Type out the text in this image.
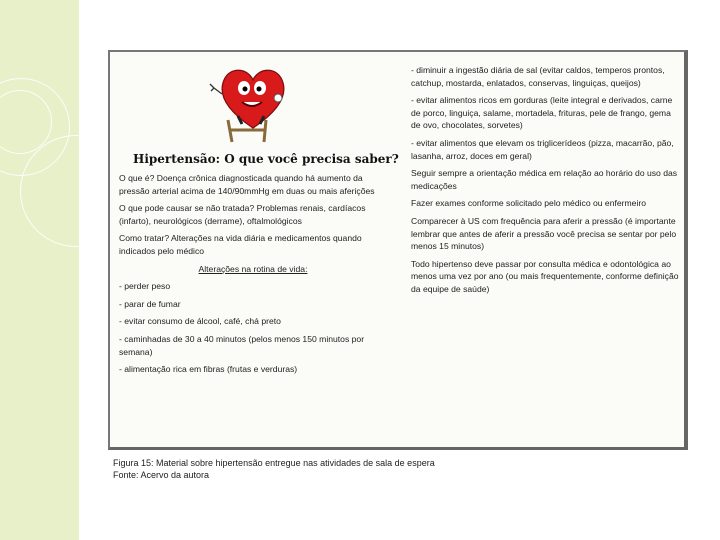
Hipertensão: O que você precisa saber?

O que é? Doença crônica diagnosticada quando há aumento da pressão arterial acima de 140/90mmHg em duas ou mais aferições

O que pode causar se não tratada? Problemas renais, cardíacos (infarto), neurológicos (derrame), oftalmológicos

Como tratar? Alterações na vida diária e medicamentos quando indicados pelo médico

Alterações na rotina de vida:

- perder peso

- parar de fumar

- evitar consumo de álcool, café, chá preto

- caminhadas de 30 a 40 minutos (pelos menos 150 minutos por semana)

- alimentação rica em fibras (frutas e verduras)

- diminuir a ingestão diária de sal (evitar caldos, temperos prontos, catchup, mostarda, enlatados, conservas, linguiças, queijos)

- evitar alimentos ricos em gorduras (leite integral e derivados, carne de porco, linguiça, salame, mortadela, frituras, pele de frango, gema de ovo, chocolates, sorvetes)

- evitar alimentos que elevam os triglicerídeos (pizza, macarrão, pão, lasanha, arroz, doces em geral)

Seguir sempre a orientação médica em relação ao horário do uso das medicações

Fazer exames conforme solicitado pelo médico ou enfermeiro

Comparecer à US com frequência para aferir a pressão (é importante lembrar que antes de aferir a pressão você precisa se sentar por pelo menos 15 minutos)

Todo hipertenso deve passar por consulta médica e odontológica ao menos uma vez por ano (ou mais frequentemente, conforme definição da equipe de saúde)

Figura 15: Material sobre hipertensão entregue nas atividades de sala de espera

Fonte: Acervo da autora
